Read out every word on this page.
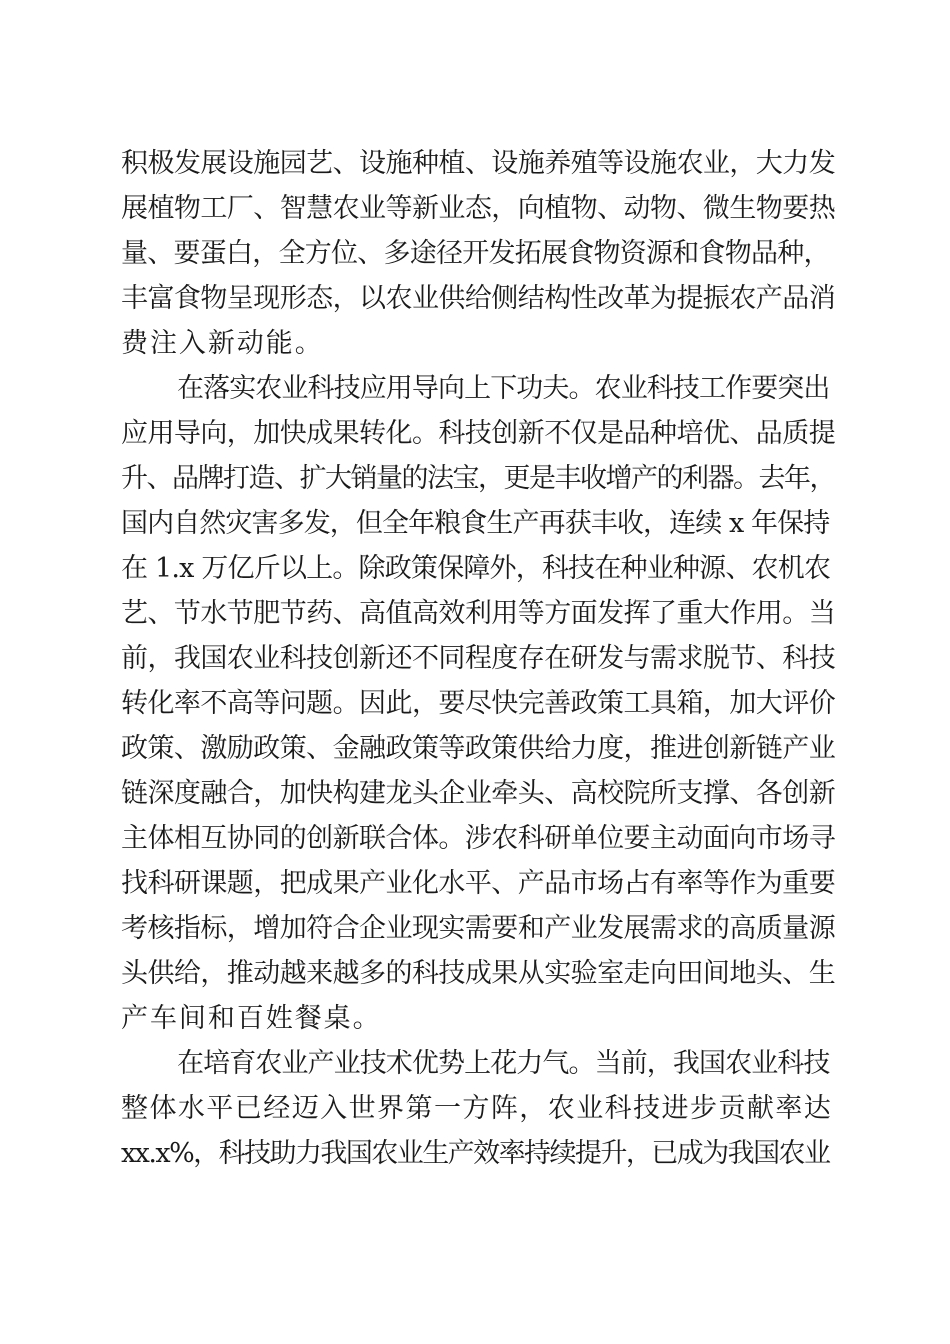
积极发展设施园艺、设施种植、设施养殖等设施农业，大力发
展植物工厂、智慧农业等新业态，向植物、动物、微生物要热
量、要蛋白，全方位、多途径开发拓展食物资源和食物品种，
丰富食物呈现形态，以农业供给侧结构性改革为提振农产品消
费注入新动能。
在落实农业科技应用导向上下功夫。农业科技工作要突出
应用导向，加快成果转化。科技创新不仅是品种培优、品质提
升、品牌打造、扩大销量的法宝，更是丰收增产的利器。去年，
国内自然灾害多发，但全年粮食生产再获丰收，连续 x 年保持
在 1.x 万亿斤以上。除政策保障外，科技在种业种源、农机农
艺、节水节肥节药、高值高效利用等方面发挥了重大作用。当
前，我国农业科技创新还不同程度存在研发与需求脱节、科技
转化率不高等问题。因此，要尽快完善政策工具箱，加大评价
政策、激励政策、金融政策等政策供给力度，推进创新链产业
链深度融合，加快构建龙头企业牵头、高校院所支撑、各创新
主体相互协同的创新联合体。涉农科研单位要主动面向市场寻
找科研课题，把成果产业化水平、产品市场占有率等作为重要
考核指标，增加符合企业现实需要和产业发展需求的高质量源
头供给，推动越来越多的科技成果从实验室走向田间地头、生
产车间和百姓餐桌。
在培育农业产业技术优势上花力气。当前，我国农业科技
整体水平已经迈入世界第一方阵，农业科技进步贡献率达
xx.x%，科技助力我国农业生产效率持续提升，已成为我国农业
